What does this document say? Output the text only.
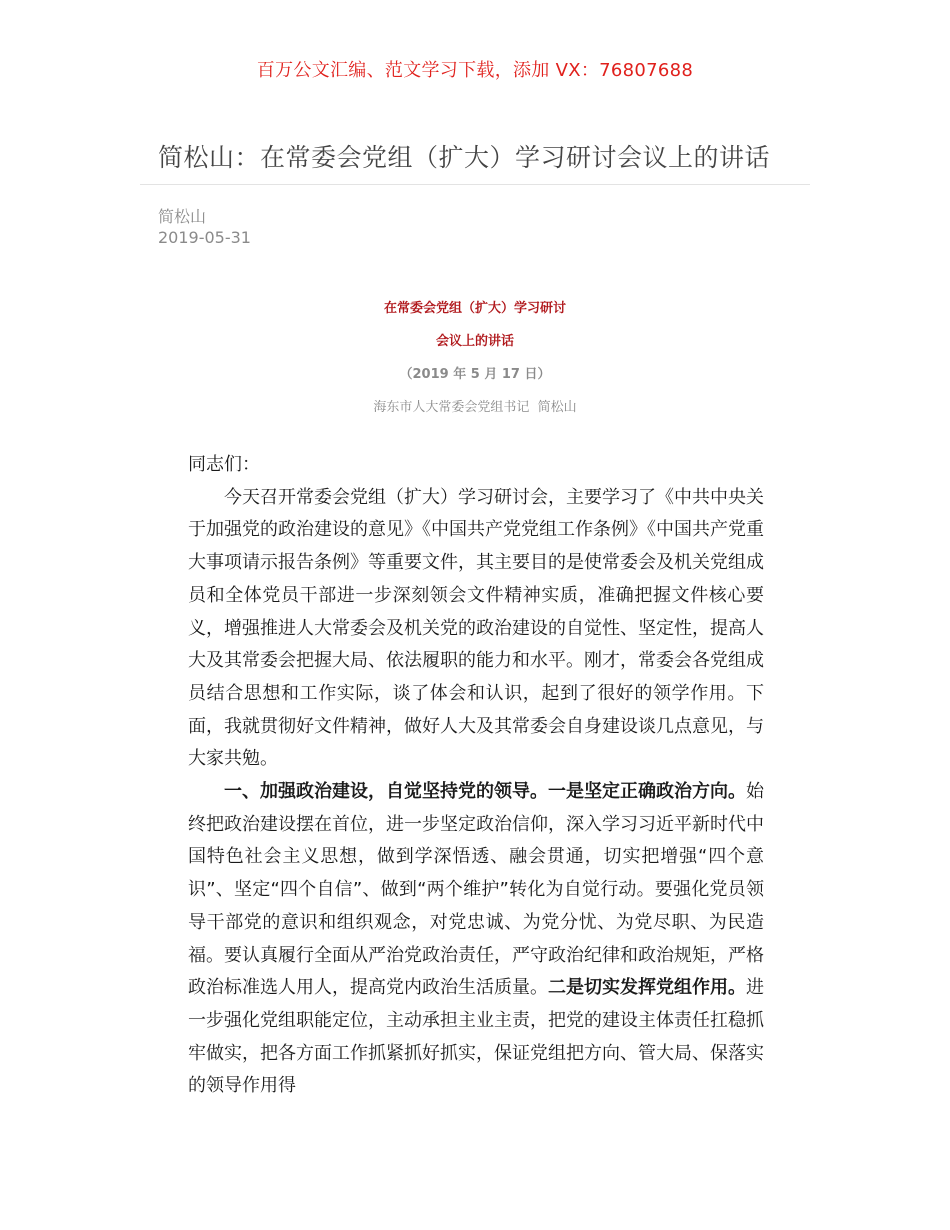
百万公文汇编、范文学习下载，添加 VX：76807688
简松山：在常委会党组（扩大）学习研讨会议上的讲话
简松山
2019-05-31
在常委会党组（扩大）学习研讨
会议上的讲话
（2019 年 5 月 17 日）
海东市人大常委会党组书记  简松山

同志们：

今天召开常委会党组（扩大）学习研讨会，主要学习了《中共中央关于加强党的政治建设的意见》《中国共产党党组工作条例》《中国共产党重大事项请示报告条例》等重要文件，其主要目的是使常委会及机关党组成员和全体党员干部进一步深刻领会文件精神实质，准确把握文件核心要义，增强推进人大常委会及机关党的政治建设的自觉性、坚定性，提高人大及其常委会把握大局、依法履职的能力和水平。刚才，常委会各党组成员结合思想和工作实际，谈了体会和认识，起到了很好的领学作用。下面，我就贯彻好文件精神，做好人大及其常委会自身建设谈几点意见，与大家共勉。

一、加强政治建设，自觉坚持党的领导。一是坚定正确政治方向。始终把政治建设摆在首位，进一步坚定政治信仰，深入学习习近平新时代中国特色社会主义思想，做到学深悟透、融会贯通，切实把增强“四个意识”、坚定“四个自信”、做到“两个维护”转化为自觉行动。要强化党员领导干部党的意识和组织观念，对党忠诚、为党分忧、为党尽职、为民造福。要认真履行全面从严治党政治责任，严守政治纪律和政治规矩，严格政治标准选人用人，提高党内政治生活质量。二是切实发挥党组作用。进一步强化党组职能定位，主动承担主业主责，把党的建设主体责任扛稳抓牢做实，把各方面工作抓紧抓好抓实，保证党组把方向、管大局、保落实的领导作用得
